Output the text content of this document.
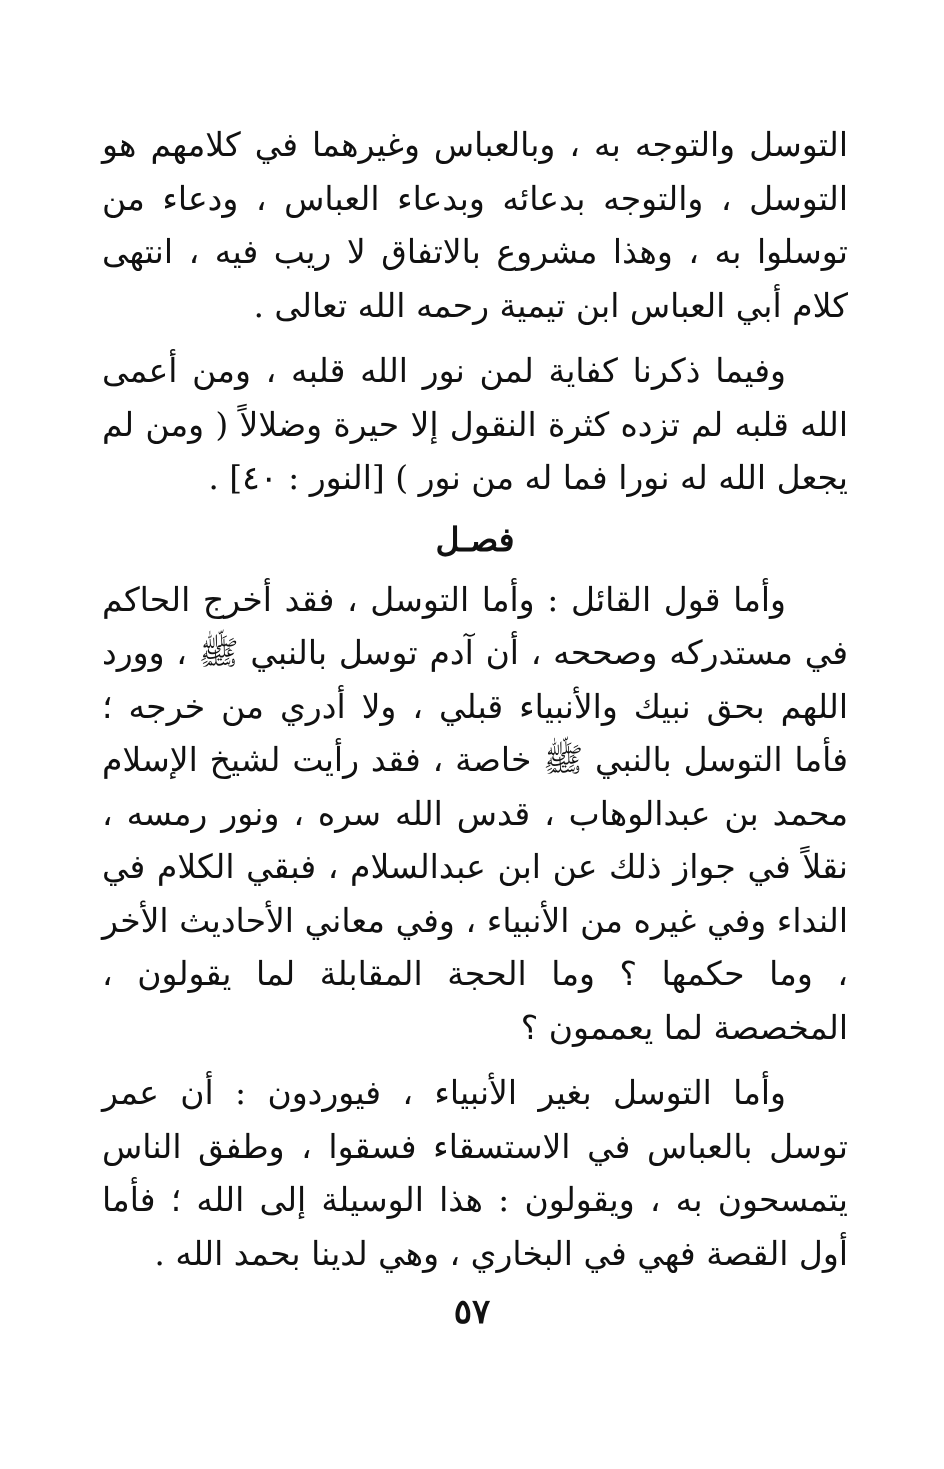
التوسل والتوجه به ، وبالعباس وغيرهما في كلامهم هو التوسل ، والتوجه بدعائه وبدعاء العباس ، ودعاء من توسلوا به ، وهذا مشروع بالاتفاق لا ريب فيه ، انتهى كلام أبي العباس ابن تيمية رحمه الله تعالى .

وفيما ذكرنا كفاية لمن نور الله قلبه ، ومن أعمى الله قلبه لم تزده كثرة النقول إلا حيرة وضلالاً ( ومن لم يجعل الله له نورا فما له من نور ) [النور : ٤٠] .

فصـل

وأما قول القائل : وأما التوسل ، فقد أخرج الحاكم في مستدركه وصححه ، أن آدم توسل بالنبي ﷺ ، وورد اللهم بحق نبيك والأنبياء قبلي ، ولا أدري من خرجه ؛ فأما التوسل بالنبي ﷺ خاصة ، فقد رأيت لشيخ الإسلام محمد بن عبدالوهاب ، قدس الله سره ، ونور رمسه ، نقلاً في جواز ذلك عن ابن عبدالسلام ، فبقي الكلام في النداء وفي غيره من الأنبياء ، وفي معاني الأحاديث الأخر ، وما حكمها ؟ وما الحجة المقابلة لما يقولون ، المخصصة لما يعممون ؟

وأما التوسل بغير الأنبياء ، فيوردون : أن عمر توسل بالعباس في الاستسقاء فسقوا ، وطفق الناس يتمسحون به ، ويقولون : هذا الوسيلة إلى الله ؛ فأما أول القصة فهي في البخاري ، وهي لدينا بحمد الله .

٥٧
